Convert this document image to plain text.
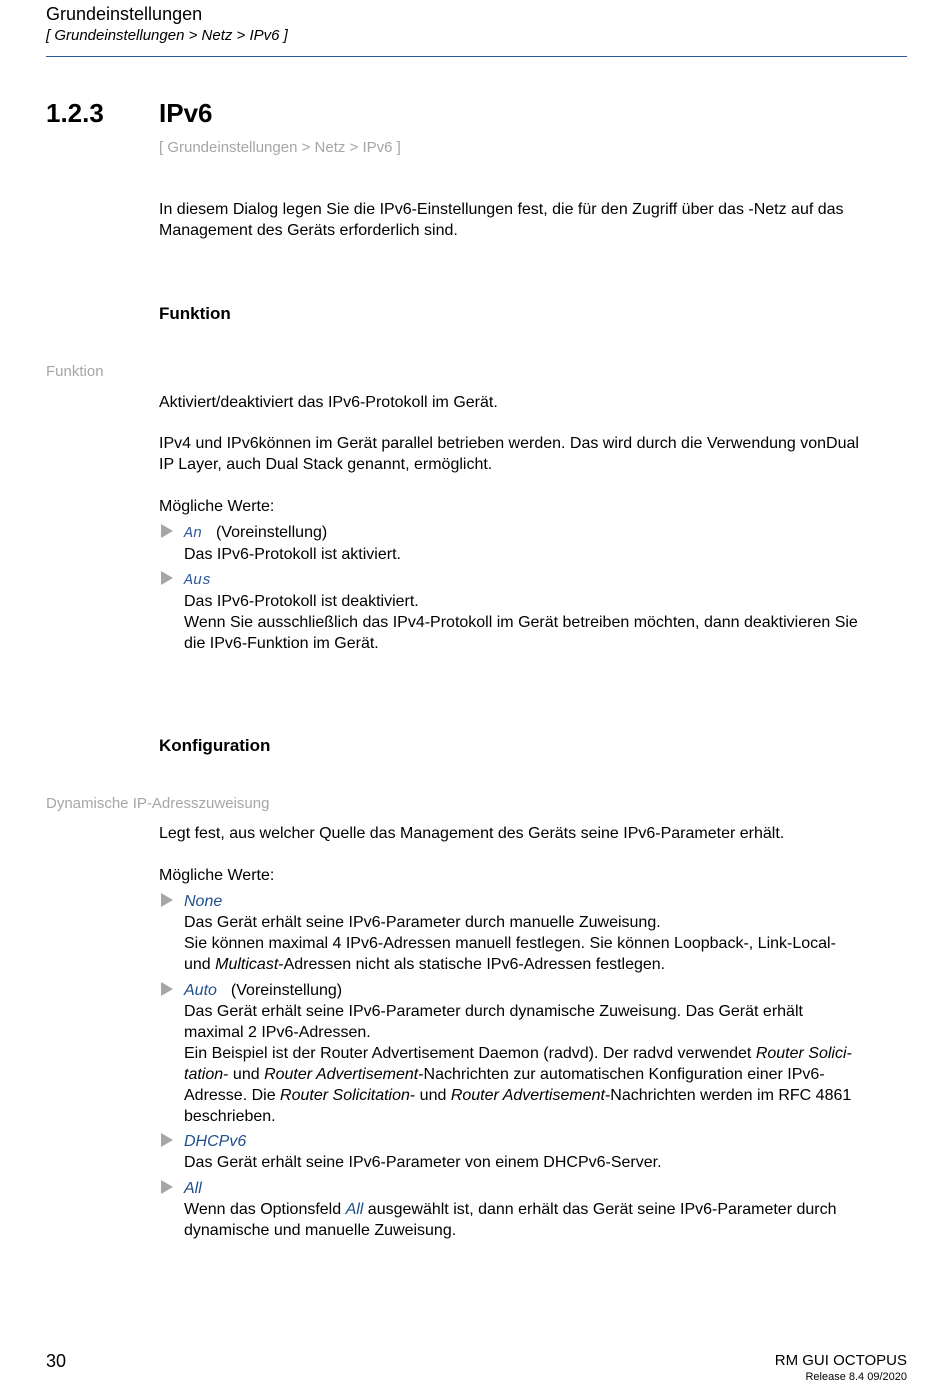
Grundeinstellungen
[ Grundeinstellungen > Netz > IPv6 ]
1.2.3 IPv6
[ Grundeinstellungen > Netz > IPv6 ]
In diesem Dialog legen Sie die IPv6-Einstellungen fest, die für den Zugriff über das -Netz auf das
Management des Geräts erforderlich sind.
Funktion
Funktion
Aktiviert/deaktiviert das IPv6-Protokoll im Gerät.
IPv4 und IPv6können im Gerät parallel betrieben werden. Das wird durch die Verwendung vonDual
IP Layer, auch Dual Stack genannt, ermöglicht.
Mögliche Werte:
An (Voreinstellung)
Das IPv6-Protokoll ist aktiviert.
Aus
Das IPv6-Protokoll ist deaktiviert.
Wenn Sie ausschließlich das IPv4-Protokoll im Gerät betreiben möchten, dann deaktivieren Sie
die IPv6-Funktion im Gerät.
Konfiguration
Dynamische IP-Adresszuweisung
Legt fest, aus welcher Quelle das Management des Geräts seine IPv6-Parameter erhält.
Mögliche Werte:
None
Das Gerät erhält seine IPv6-Parameter durch manuelle Zuweisung.
Sie können maximal 4 IPv6-Adressen manuell festlegen. Sie können Loopback-, Link-Local-
und Multicast-Adressen nicht als statische IPv6-Adressen festlegen.
Auto (Voreinstellung)
Das Gerät erhält seine IPv6-Parameter durch dynamische Zuweisung. Das Gerät erhält
maximal 2 IPv6-Adressen.
Ein Beispiel ist der Router Advertisement Daemon (radvd). Der radvd verwendet Router Solici-
tation- und Router Advertisement-Nachrichten zur automatischen Konfiguration einer IPv6-
Adresse. Die Router Solicitation- und Router Advertisement-Nachrichten werden im RFC 4861
beschrieben.
DHCPv6
Das Gerät erhält seine IPv6-Parameter von einem DHCPv6-Server.
All
Wenn das Optionsfeld All ausgewählt ist, dann erhält das Gerät seine IPv6-Parameter durch
dynamische und manuelle Zuweisung.
30	RM GUI OCTOPUS
Release 8.4 09/2020
